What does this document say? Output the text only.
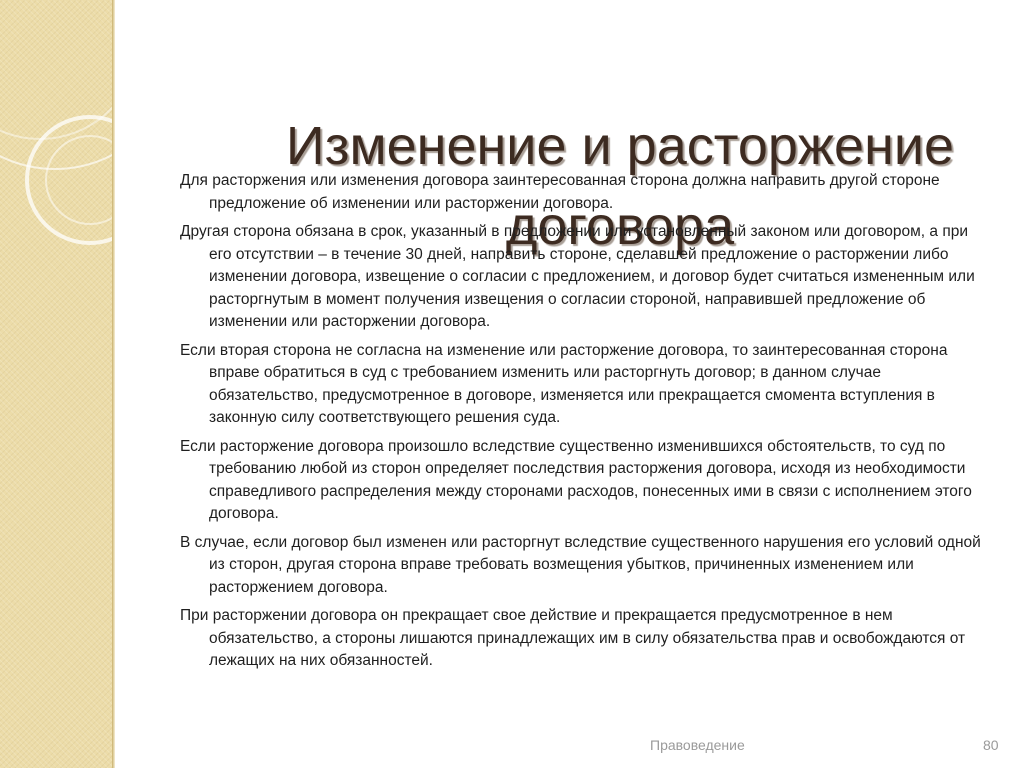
Изменение и расторжение договора

Для расторжения или изменения договора заинтересованная сторона должна направить другой стороне предложение об изменении или расторжении договора.

Другая сторона обязана в срок, указанный в предложении или установленный законом или договором, а при его отсутствии – в течение 30 дней, направить стороне, сделавшей предложение о расторжении либо изменении договора, извещение о согласии с предложением, и договор будет считаться измененным или расторгнутым в момент получения извещения о согласии стороной, направившей предложение об изменении или расторжении договора.

Если вторая сторона не согласна на изменение или расторжение договора, то заинтересованная сторона вправе обратиться в суд с требованием изменить или расторгнуть договор; в данном случае обязательство, предусмотренное в договоре, изменяется или прекращается смомента вступления в законную силу соответствующего решения суда.

Если расторжение договора произошло вследствие существенно изменившихся обстоятельств, то суд по требованию любой из сторон определяет последствия расторжения договора, исходя из необходимости справедливого распределения между сторонами расходов, понесенных ими в связи с исполнением этого договора.

В случае, если договор был изменен или расторгнут вследствие существенного нарушения его условий одной из сторон, другая сторона вправе требовать возмещения убытков, причиненных изменением или расторжением договора.

При расторжении договора он прекращает свое действие и прекращается предусмотренное в нем обязательство, а стороны лишаются принадлежащих им в силу обязательства прав и освобождаются от лежащих на них обязанностей.

Правоведение	80
